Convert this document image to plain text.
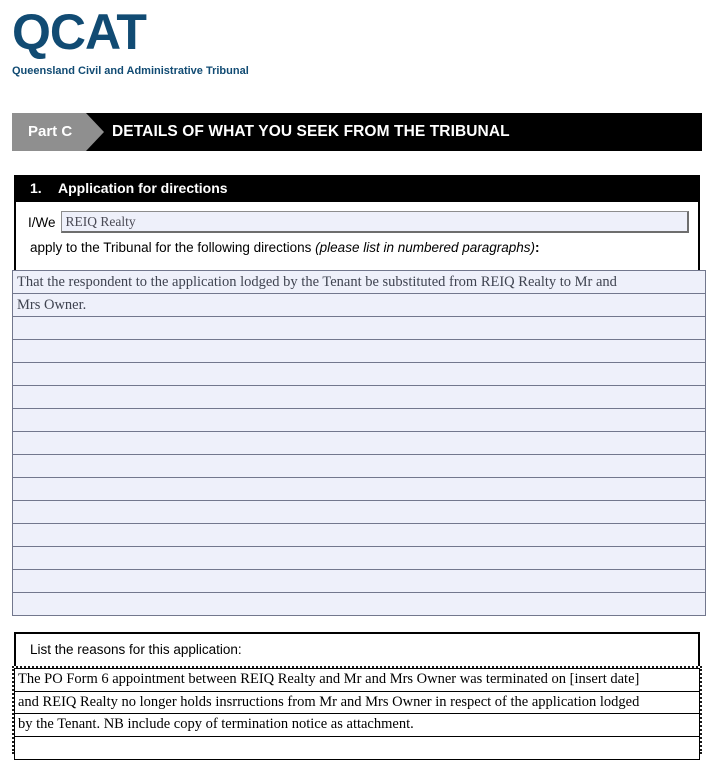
QCAT
Queensland Civil and Administrative Tribunal
Part C	DETAILS OF WHAT YOU SEEK FROM THE TRIBUNAL
1. Application for directions
I/We
REIQ Realty
apply to the Tribunal for the following directions (please list in numbered paragraphs):
That the respondent to the application lodged by the Tenant be substituted from REIQ Realty to Mr and
Mrs Owner.
List the reasons for this application:
The PO Form 6 appointment between REIQ Realty and Mr and Mrs Owner was terminated on [insert date]
and REIQ Realty no longer holds insrructions from Mr and Mrs Owner in respect of the application lodged
by the Tenant. NB include copy of termination notice as attachment.
